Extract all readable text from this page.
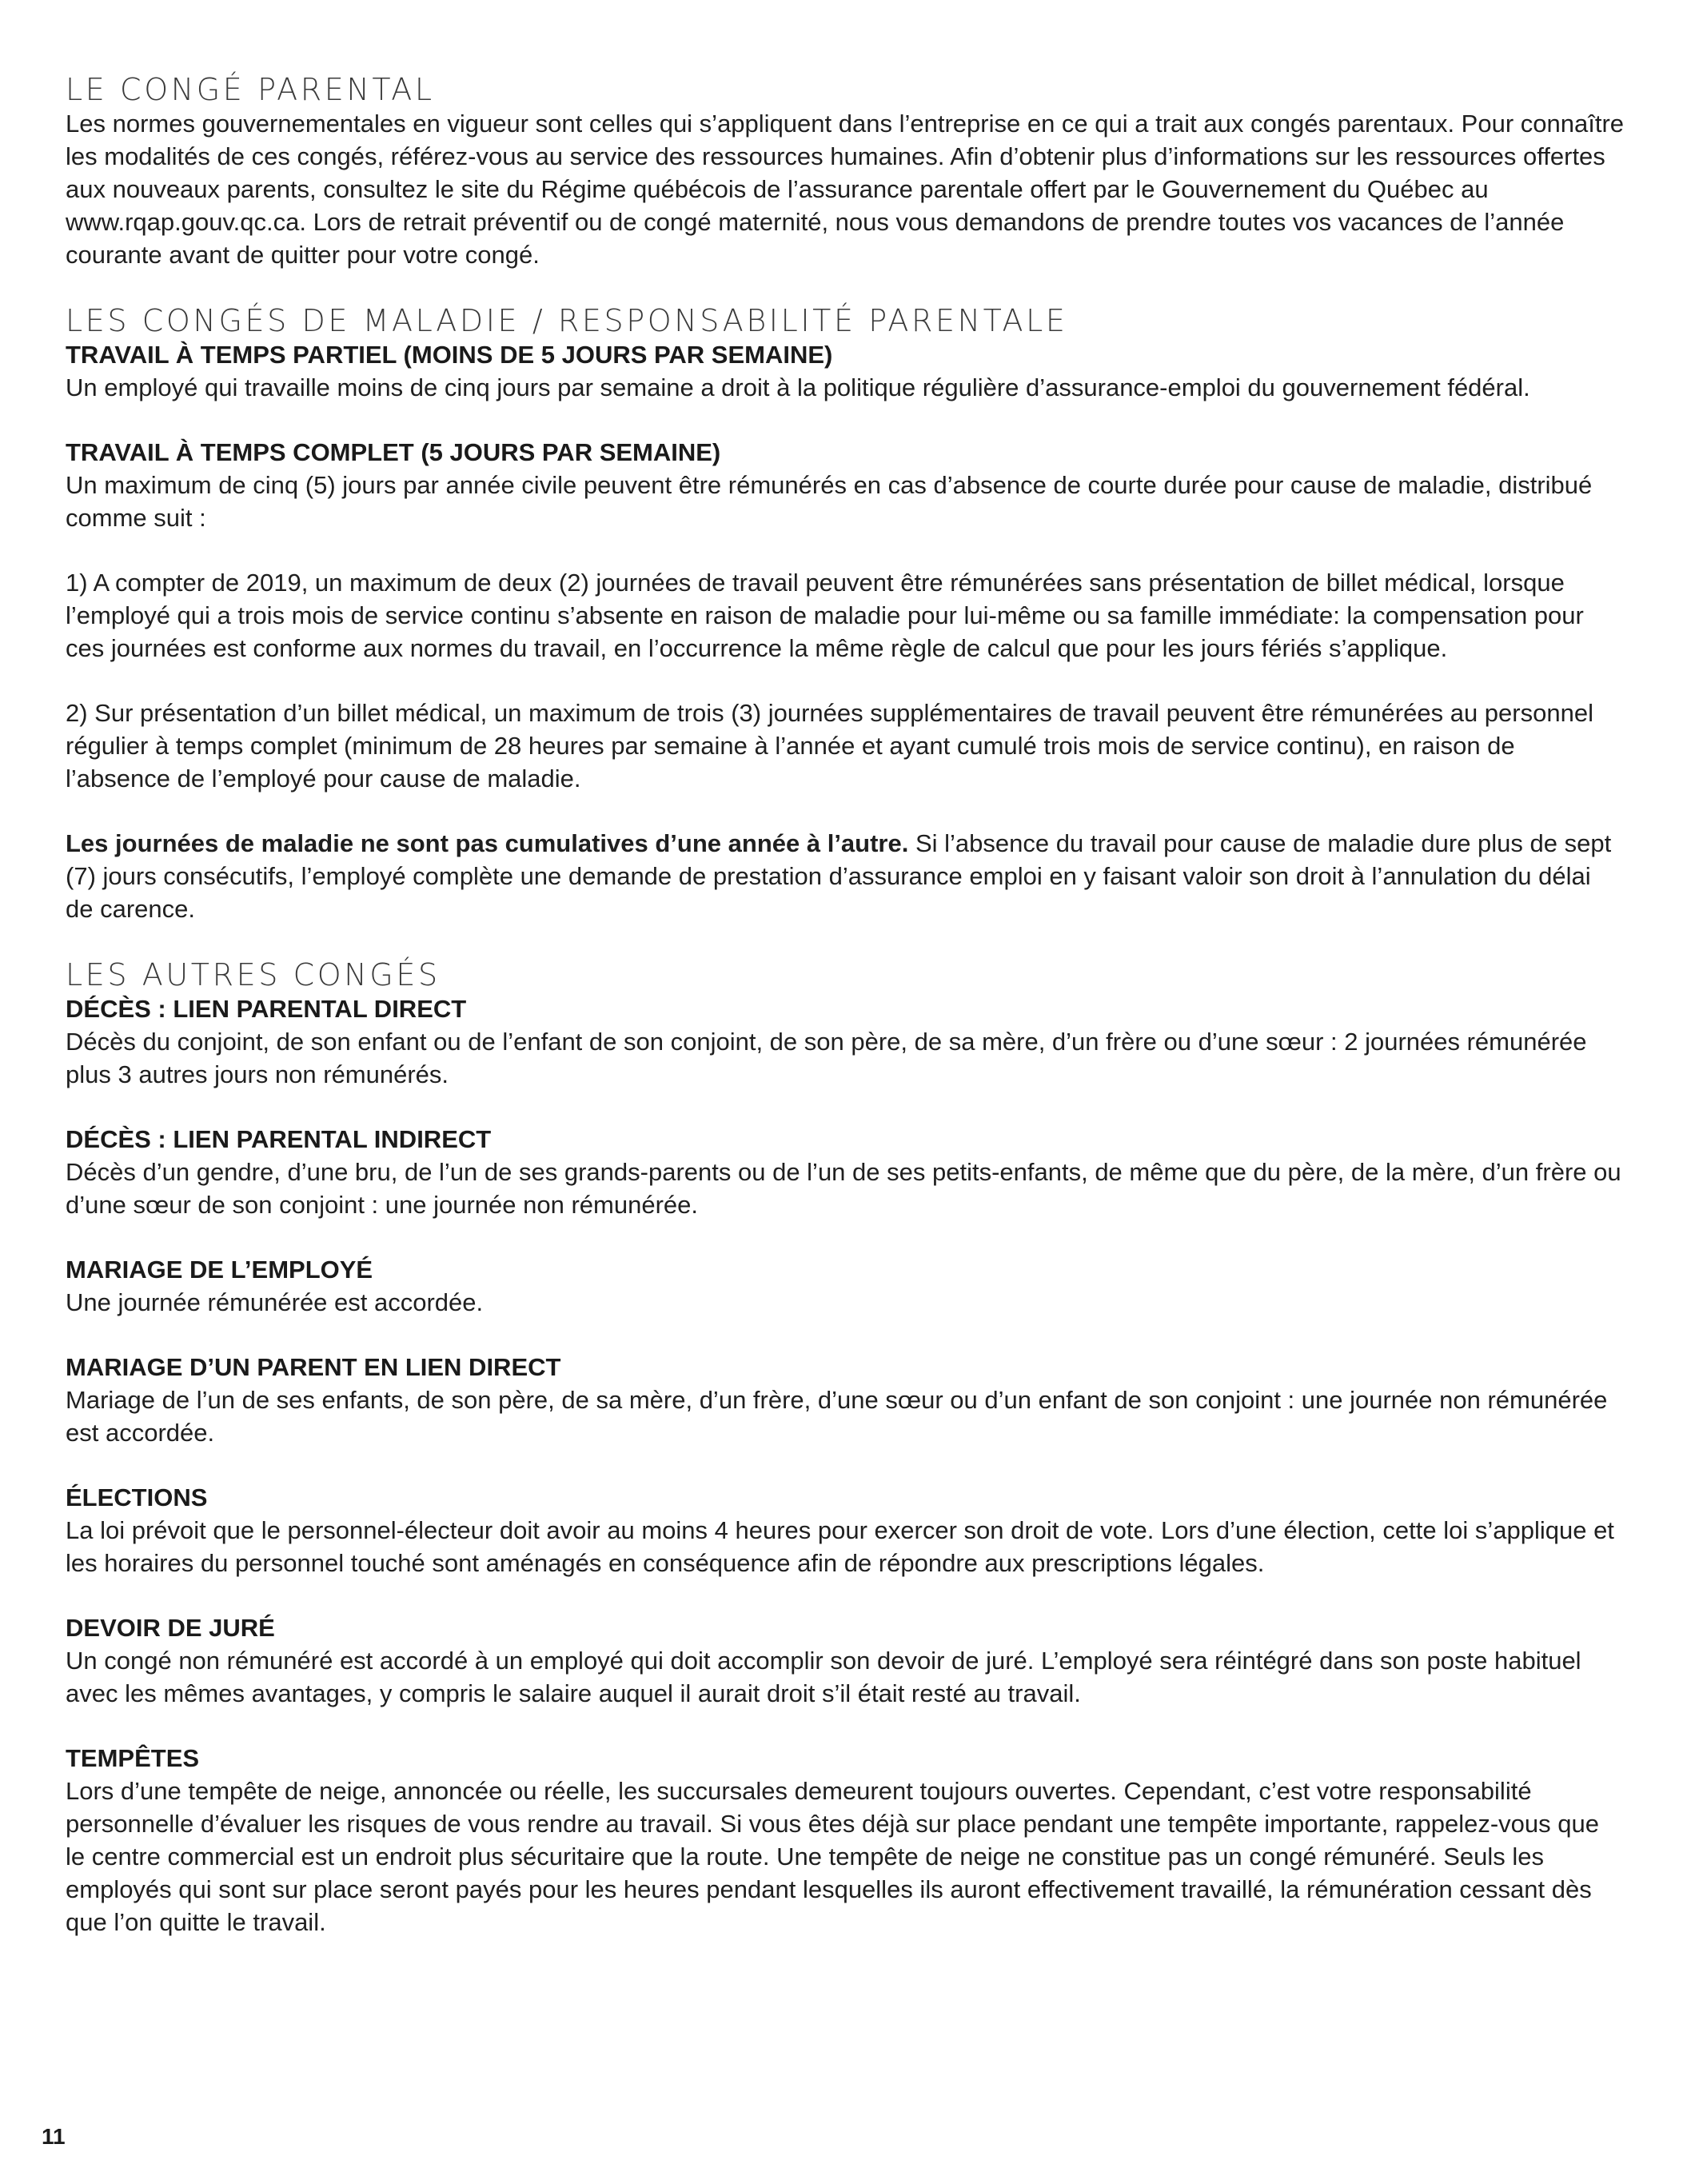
LE CONGÉ PARENTAL

Les normes gouvernementales en vigueur sont celles qui s’appliquent dans l’entreprise en ce qui a trait aux congés parentaux. Pour connaître les modalités de ces congés, référez-vous au service des ressources humaines. Afin d’obtenir plus d’informations sur les ressources offertes aux nouveaux parents, consultez le site du Régime québécois de l’assurance parentale offert par le Gouvernement du Québec au www.rqap.gouv.qc.ca. Lors de retrait préventif ou de congé maternité, nous vous demandons de prendre toutes vos vacances de l’année courante avant de quitter pour votre congé.

LES CONGÉS DE MALADIE / RESPONSABILITÉ PARENTALE
TRAVAIL À TEMPS PARTIEL (MOINS DE 5 JOURS PAR SEMAINE)

Un employé qui travaille moins de cinq jours par semaine a droit à la politique régulière d’assurance-emploi du gouvernement fédéral.

TRAVAIL À TEMPS COMPLET (5 JOURS PAR SEMAINE)

Un maximum de cinq (5) jours par année civile peuvent être rémunérés en cas d’absence de courte durée pour cause de maladie, distribué comme suit :

1) A compter de 2019, un maximum de deux (2) journées de travail peuvent être rémunérées sans présentation de billet médical, lorsque l’employé qui a trois mois de service continu s’absente en raison de maladie pour lui-même ou sa famille immédiate: la compensation pour ces journées est conforme aux normes du travail, en l’occurrence la même règle de calcul que pour les jours fériés s’applique.

2) Sur présentation d’un billet médical, un maximum de trois (3) journées supplémentaires de travail peuvent être rémunérées au personnel régulier à temps complet (minimum de 28 heures par semaine à l’année et ayant cumulé trois mois de service continu), en raison de l’absence de l’employé pour cause de maladie.

Les journées de maladie ne sont pas cumulatives d’une année à l’autre. Si l’absence du travail pour cause de maladie dure plus de sept (7) jours consécutifs, l’employé complète une demande de prestation d’assurance emploi en y faisant valoir son droit à l’annulation du délai de carence.

LES AUTRES CONGÉS
DÉCÈS : LIEN PARENTAL DIRECT

Décès du conjoint, de son enfant ou de l’enfant de son conjoint, de son père, de sa mère, d’un frère ou d’une sœur : 2 journées rémunérée plus 3 autres jours non rémunérés.

DÉCÈS : LIEN PARENTAL INDIRECT

Décès d’un gendre, d’une bru, de l’un de ses grands-parents ou de l’un de ses petits-enfants, de même que du père, de la mère, d’un frère ou d’une sœur de son conjoint : une journée non rémunérée.

MARIAGE DE L’EMPLOYÉ

Une journée rémunérée est accordée.

MARIAGE D’UN PARENT EN LIEN DIRECT

Mariage de l’un de ses enfants, de son père, de sa mère, d’un frère, d’une sœur ou d’un enfant de son conjoint : une journée non rémunérée est accordée.

ÉLECTIONS

La loi prévoit que le personnel-électeur doit avoir au moins 4 heures pour exercer son droit de vote. Lors d’une élection, cette loi s’applique et les horaires du personnel touché sont aménagés en conséquence afin de répondre aux prescriptions légales.

DEVOIR DE JURÉ

Un congé non rémunéré est accordé à un employé qui doit accomplir son devoir de juré. L’employé sera réintégré dans son poste habituel avec les mêmes avantages, y compris le salaire auquel il aurait droit s’il était resté au travail.

TEMPÊTES

Lors d’une tempête de neige, annoncée ou réelle, les succursales demeurent toujours ouvertes. Cependant, c’est votre responsabilité personnelle d’évaluer les risques de vous rendre au travail. Si vous êtes déjà sur place pendant une tempête importante, rappelez-vous que le centre commercial est un endroit plus sécuritaire que la route. Une tempête de neige ne constitue pas un congé rémunéré. Seuls les employés qui sont sur place seront payés pour les heures pendant lesquelles ils auront effectivement travaillé, la rémunération cessant dès que l’on quitte le travail.

11
